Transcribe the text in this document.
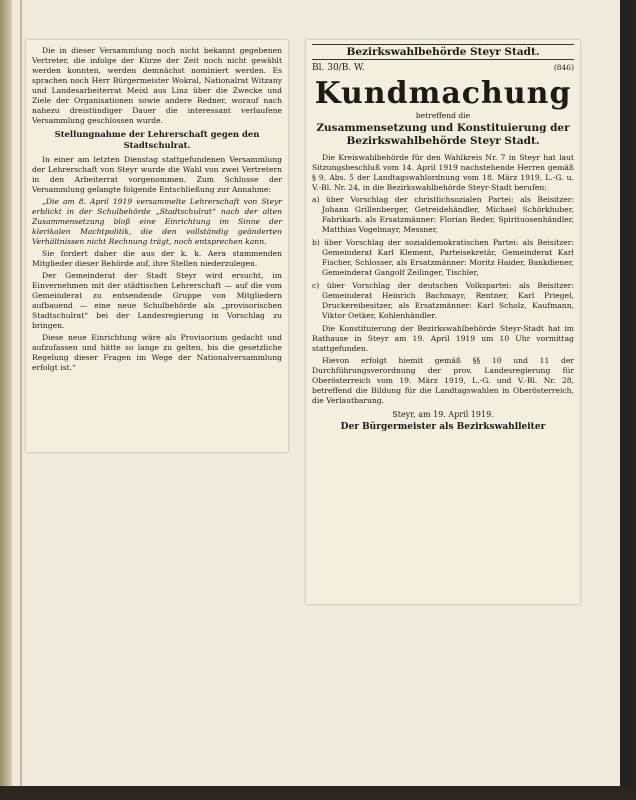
Die in dieser Versammlung noch nicht bekannt gegebenen Vertreter, die infolge der Kürze der Zeit noch nicht gewählt werden konnten, werden demnächst nominiert werden. Es sprachen noch Herr Bürgermeister Wokral, Nationalrat Witzany und Landesarbeiterrat Meixl aus Linz über die Zwecke und Ziele der Organisationen sowie andere Redner, worauf nach nahezu dreistündiger Dauer die interessant verlaufene Versammlung geschlossen wurde.

Stellungnahme der Lehrerschaft gegen den Stadtschulrat.

In einer am letzten Dienstag stattgefundenen Versammlung der Lehrerschaft von Steyr wurde die Wahl von zwei Vertretern in den Arbeiterrat vorgenommen. Zum Schlusse der Versammlung gelangte folgende Entschließung zur Annahme:

„Die am 8. April 1919 versammelte Lehrerschaft von Steyr erblickt in der Schulbehörde „Stadtschulrat“ nach der alten Zusammensetzung bloß eine Einrichtung im Sinne der klerikalen Machtpolitik, die den vollständig geänderten Verhältnissen nicht Rechnung trägt, noch entsprechen kann.

Sie fordert daher die aus der k. k. Aera stammenden Mitglieder dieser Behörde auf, ihre Stellen niederzulegen.

Der Gemeinderat der Stadt Steyr wird ersucht, im Einvernehmen mit der städtischen Lehrerschaft — auf die vom Gemeinderat zu entsendende Gruppe von Mitgliedern aufbauend — eine neue Schulbehörde als „provisorischen Stadtschulrat“ bei der Landesregierung in Vorschlag zu bringen.

Diese neue Einrichtung wäre als Provisorium gedacht und aufzufassen und hätte so lange zu gelten, bis die gesetzliche Regelung dieser Fragen im Wege der Nationalversammlung erfolgt ist.“

Bezirkswahlbehörde Steyr Stadt.
Bl. 30/B. W.	(846)
Kundmachung
betreffend die
Zusammensetzung und Konstituierung der Bezirkswahlbehörde Steyr Stadt.

Die Kreiswahlbehörde für den Wahlkreis Nr. 7 in Steyr hat laut Sitzungsbeschluß vom 14. April 1919 nachstehende Herren gemäß § 9, Abs. 5 der Landtagswahlordnung vom 18. März 1919, L.-G. u. V.-Bl. Nr. 24, in die Bezirkswahlbehörde Steyr-Stadt berufen:

a) über Vorschlag der christlichsozialen Partei: als Beisitzer: Johann Grillenberger, Getreidehändler, Michael Schörkhuber, Fabrikarb. als Ersatzmänner: Florian Reder, Spirituosenhändler, Matthias Vogelmayr, Messner,
b) über Vorschlag der sozialdemokratischen Partei: als Beisitzer: Gemeinderat Karl Klement, Parteisekretär, Gemeinderat Karl Fischer, Schlosser, als Ersatzmänner: Moritz Haider, Bankdiener, Gemeinderat Gangolf Zeilinger, Tischler,
c) über Vorschlag der deutschen Volkspartei: als Beisitzer: Gemeinderat Heinrich Bachmayr, Rentner, Karl Priegel, Druckereibesitzer, als Ersatzmänner: Karl Scholz, Kaufmann, Viktor Oetker, Kohlenhändler.

Die Konstituierung der Bezirkswahlbehörde Steyr-Stadt hat im Rathause in Steyr am 19. April 1919 um 10 Uhr vormittag stattgefunden.

Hievon erfolgt hiemit gemäß §§ 10 und 11 der Durchführungsverordnung der prov. Landesregierung für Oberösterreich vom 19. März 1919, L.-G. und V.-Bl. Nr. 28, betreffend die Bildung für die Landtagswahlen in Oberösterreich, die Verlautbarung.

Steyr, am 19. April 1919.
Der Bürgermeister als Bezirkswahlleiter
